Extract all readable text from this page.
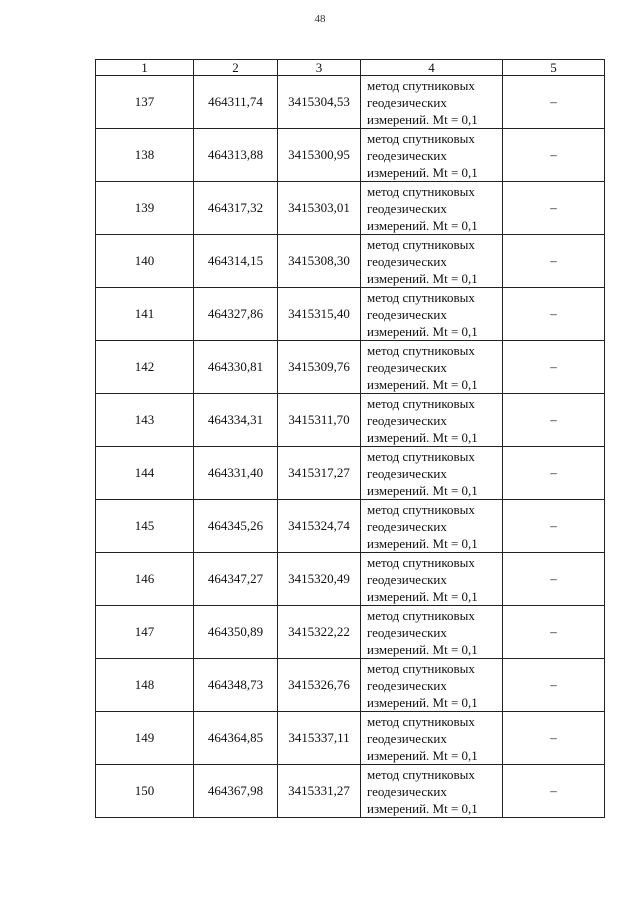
48
1	2	3	4	5
137	464311,74	3415304,53	метод спутниковых
геодезических
измерений. Mt = 0,1	–
138	464313,88	3415300,95	метод спутниковых
геодезических
измерений. Mt = 0,1	–
139	464317,32	3415303,01	метод спутниковых
геодезических
измерений. Mt = 0,1	–
140	464314,15	3415308,30	метод спутниковых
геодезических
измерений. Mt = 0,1	–
141	464327,86	3415315,40	метод спутниковых
геодезических
измерений. Mt = 0,1	–
142	464330,81	3415309,76	метод спутниковых
геодезических
измерений. Mt = 0,1	–
143	464334,31	3415311,70	метод спутниковых
геодезических
измерений. Mt = 0,1	–
144	464331,40	3415317,27	метод спутниковых
геодезических
измерений. Mt = 0,1	–
145	464345,26	3415324,74	метод спутниковых
геодезических
измерений. Mt = 0,1	–
146	464347,27	3415320,49	метод спутниковых
геодезических
измерений. Mt = 0,1	–
147	464350,89	3415322,22	метод спутниковых
геодезических
измерений. Mt = 0,1	–
148	464348,73	3415326,76	метод спутниковых
геодезических
измерений. Mt = 0,1	–
149	464364,85	3415337,11	метод спутниковых
геодезических
измерений. Mt = 0,1	–
150	464367,98	3415331,27	метод спутниковых
геодезических
измерений. Mt = 0,1	–
